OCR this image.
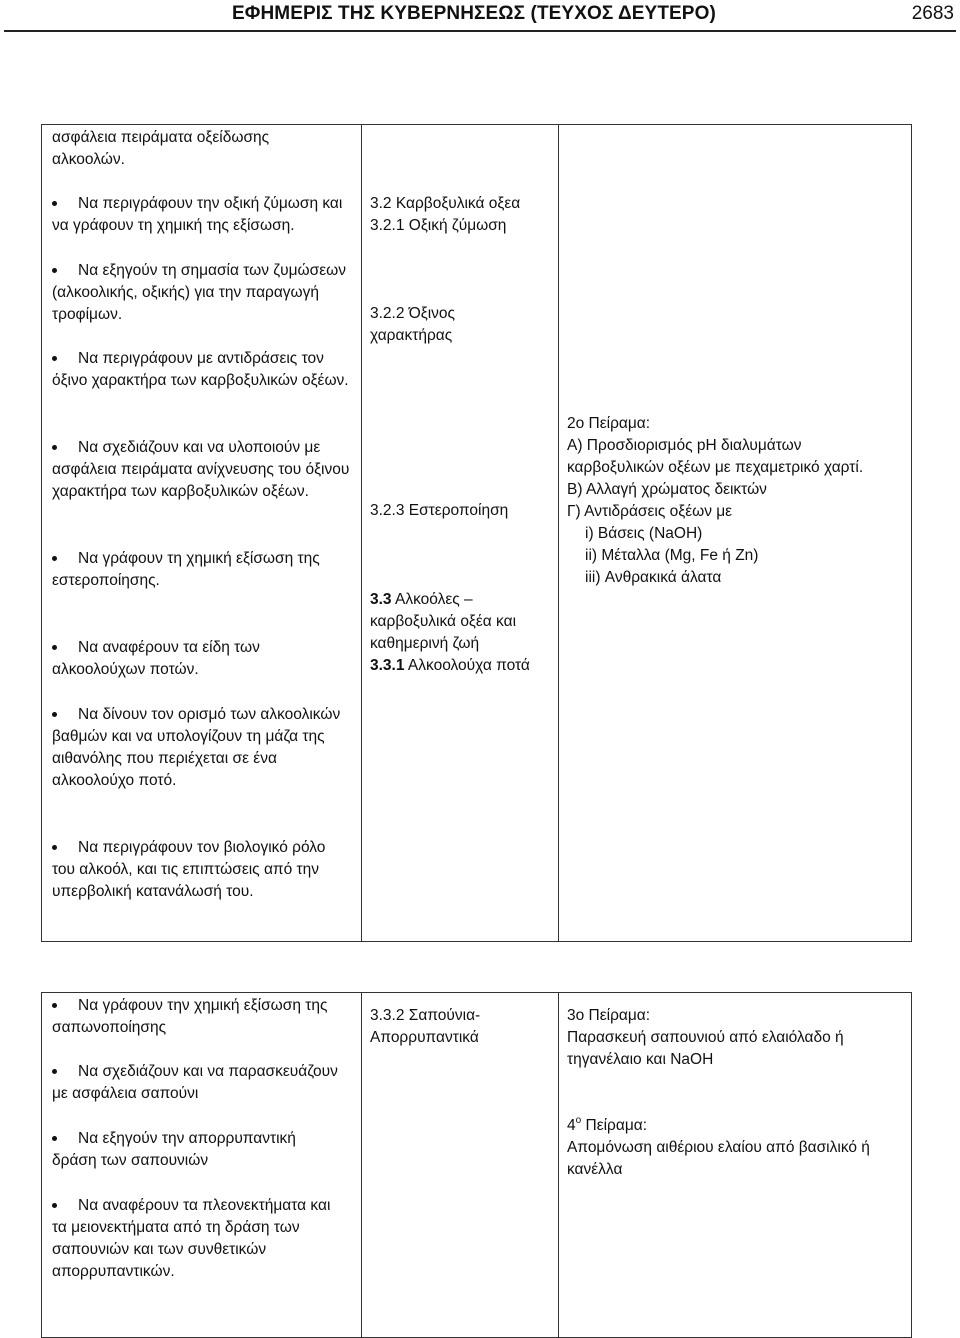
ΕΦΗΜΕΡΙΣ ΤΗΣ ΚΥΒΕΡΝΗΣΕΩΣ (ΤΕΥΧΟΣ ΔΕΥΤΕΡΟ)	2683
ασφάλεια πειράματα οξείδωσης αλκοολών.
Να περιγράφουν την οξική ζύμωση και να γράφουν τη χημική της εξίσωση.
Να εξηγούν τη σημασία των ζυμώσεων (αλκοολικής, οξικής) για την παραγωγή τροφίμων.
Να περιγράφουν με αντιδράσεις τον όξινο χαρακτήρα των καρβοξυλικών οξέων.
Να σχεδιάζουν και να υλοποιούν με ασφάλεια πειράματα ανίχνευσης του όξινου χαρακτήρα των καρβοξυλικών οξέων.
Να γράφουν τη χημική εξίσωση της εστεροποίησης.
Να αναφέρουν τα είδη των αλκοολούχων ποτών.
Να δίνουν τον ορισμό των αλκοολικών βαθμών και να υπολογίζουν τη μάζα της αιθανόλης που περιέχεται σε ένα αλκοολούχο ποτό.
Να περιγράφουν τον βιολογικό ρόλο του αλκοόλ, και τις επιπτώσεις από την υπερβολική κατανάλωσή του.

3.2 Καρβοξυλικά οξεα
3.2.1 Οξική ζύμωση
3.2.2 Όξινος χαρακτήρας
3.2.3 Εστεροποίηση
3.3 Αλκοόλες – καρβοξυλικά οξέα και καθημερινή ζωή
3.3.1 Αλκοολούχα ποτά

2ο Πείραμα:
Α) Προσδιορισμός pH διαλυμάτων καρβοξυλικών οξέων με πεχαμετρικό χαρτί.
Β) Αλλαγή χρώματος δεικτών
Γ) Αντιδράσεις οξέων με
i) Βάσεις (NaOH)
ii) Μέταλλα (Mg, Fe ή Zn)
iii) Ανθρακικά άλατα
Να γράφουν την χημική εξίσωση της σαπωνοποίησης
Να σχεδιάζουν και να παρασκευάζουν με ασφάλεια σαπούνι
Να εξηγούν την απορρυπαντική δράση των σαπουνιών
Να αναφέρουν τα πλεονεκτήματα και τα μειονεκτήματα από τη δράση των σαπουνιών και των συνθετικών απορρυπαντικών.

3.3.2 Σαπούνια- Απορρυπαντικά

3ο Πείραμα:
Παρασκευή σαπουνιού από ελαιόλαδο ή τηγανέλαιο και NaOH
$4^o$ Πείραμα:
Απομόνωση αιθέριου ελαίου από βασιλικό ή κανέλλα
